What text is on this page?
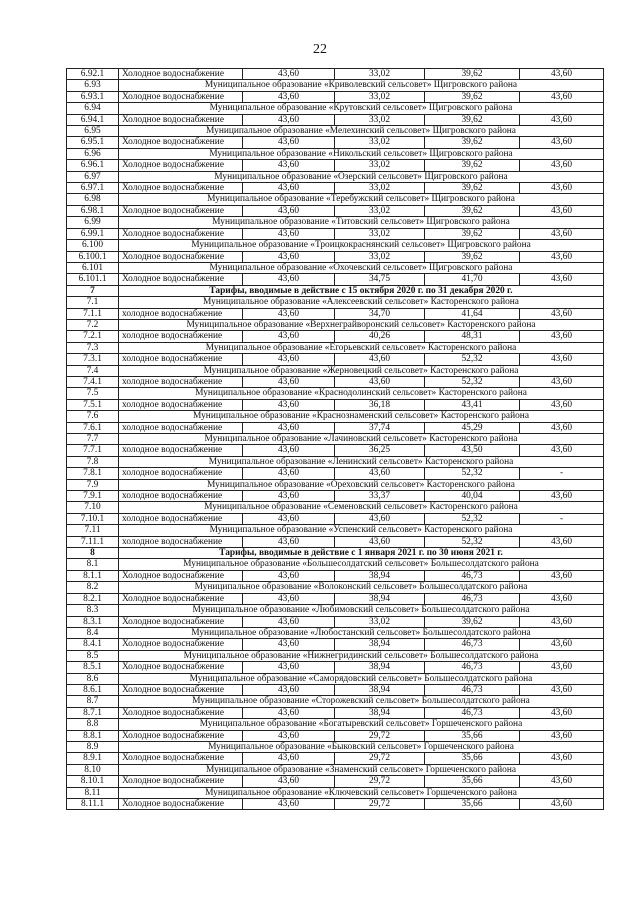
22
6.92.1	Холодное водоснабжение	43,60	33,02	39,62	43,60
6.93	Муниципальное образование «Криволевский сельсовет» Щигровского района				
6.93.1	Холодное водоснабжение	43,60	33,02	39,62	43,60
6.94	Муниципальное образование «Крутовский сельсовет» Щигровского района				
6.94.1	Холодное водоснабжение	43,60	33,02	39,62	43,60
6.95	Муниципальное образование «Мелехинский сельсовет» Щигровского района				
6.95.1	Холодное водоснабжение	43,60	33,02	39,62	43,60
6.96	Муниципальное образование «Никольский сельсовет» Щигровского района				
6.96.1	Холодное водоснабжение	43,60	33,02	39,62	43,60
6.97	Муниципальное образование «Озерский сельсовет» Щигровского района				
6.97.1	Холодное водоснабжение	43,60	33,02	39,62	43,60
6.98	Муниципальное образование «Теребужский сельсовет» Щигровского района				
6.98.1	Холодное водоснабжение	43,60	33,02	39,62	43,60
6.99	Муниципальное образование «Титовский сельсовет» Щигровского района				
6.99.1	Холодное водоснабжение	43,60	33,02	39,62	43,60
6.100	Муниципальное образование «Троицкокраснянский сельсовет» Щигровского района				
6.100.1	Холодное водоснабжение	43,60	33,02	39,62	43,60
6.101	Муниципальное образование «Охочевский сельсовет» Щигровского района				
6.101.1	Холодное водоснабжение	43,60	34,75	41,70	43,60
7	Тарифы, вводимые в действие с 15 октября 2020 г. по 31 декабря 2020 г.				
7.1	Муниципальное образование «Алексеевский сельсовет» Касторенского района				
7.1.1	холодное водоснабжение	43,60	34,70	41,64	43,60
7.2	Муниципальное образование «Верхнеграйворонский сельсовет» Касторенского района				
7.2.1	холодное водоснабжение	43,60	40,26	48,31	43,60
7.3	Муниципальное образование «Егорьевский сельсовет» Касторенского района				
7.3.1	холодное водоснабжение	43,60	43,60	52,32	43,60
7.4	Муниципальное образование «Жерновецкий сельсовет» Касторенского района				
7.4.1	холодное водоснабжение	43,60	43,60	52,32	43,60
7.5	Муниципальное образование «Краснодолинский сельсовет» Касторенского района				
7.5.1	холодное водоснабжение	43,60	36,18	43,41	43,60
7.6	Муниципальное образование «Краснознаменский сельсовет» Касторенского района				
7.6.1	холодное водоснабжение	43,60	37,74	45,29	43,60
7.7	Муниципальное образование «Лачиновский сельсовет» Касторенского района				
7.7.1	холодное водоснабжение	43,60	36,25	43,50	43,60
7.8	Муниципальное образование «Ленинский сельсовет» Касторенского района				
7.8.1	холодное водоснабжение	43,60	43,60	52,32	-
7.9	Муниципальное образование «Ореховский сельсовет» Касторенского района				
7.9.1	холодное водоснабжение	43,60	33,37	40,04	43,60
7.10	Муниципальное образование «Семеновский сельсовет» Касторенского района				
7.10.1	холодное водоснабжение	43,60	43,60	52,32	-
7.11	Муниципальное образование «Успенский сельсовет» Касторенского района				
7.11.1	холодное водоснабжение	43,60	43,60	52,32	43,60
8	Тарифы, вводимые в действие с 1 января 2021 г. по 30 июня 2021 г.				
8.1	Муниципальное образование «Большесолдатский сельсовет» Большесолдатского района				
8.1.1	Холодное водоснабжение	43,60	38,94	46,73	43,60
8.2	Муниципальное образование «Волоконский сельсовет» Большесолдатского района				
8.2.1	Холодное водоснабжение	43,60	38,94	46,73	43,60
8.3	Муниципальное образование «Любимовский сельсовет» Большесолдатского района				
8.3.1	Холодное водоснабжение	43,60	33,02	39,62	43,60
8.4	Муниципальное образование «Любостанский сельсовет» Большесолдатского района				
8.4.1	Холодное водоснабжение	43,60	38,94	46,73	43,60
8.5	Муниципальное образование «Нижнегридинский сельсовет» Большесолдатского района				
8.5.1	Холодное водоснабжение	43,60	38,94	46,73	43,60
8.6	Муниципальное образование «Саморядовский сельсовет» Большесолдатского района				
8.6.1	Холодное водоснабжение	43,60	38,94	46,73	43,60
8.7	Муниципальное образование «Сторожевский сельсовет» Большесолдатского района				
8.7.1	Холодное водоснабжение	43,60	38,94	46,73	43,60
8.8	Муниципальное образование «Богатыревский сельсовет» Горшеченского района				
8.8.1	Холодное водоснабжение	43,60	29,72	35,66	43,60
8.9	Муниципальное образование «Быковский сельсовет» Горшеченского района				
8.9.1	Холодное водоснабжение	43,60	29,72	35,66	43,60
8.10	Муниципальное образование «Знаменский сельсовет» Горшеченского района				
8.10.1	Холодное водоснабжение	43,60	29,72	35,66	43,60
8.11	Муниципальное образование «Ключевский сельсовет» Горшеченского района				
8.11.1	Холодное водоснабжение	43,60	29,72	35,66	43,60
